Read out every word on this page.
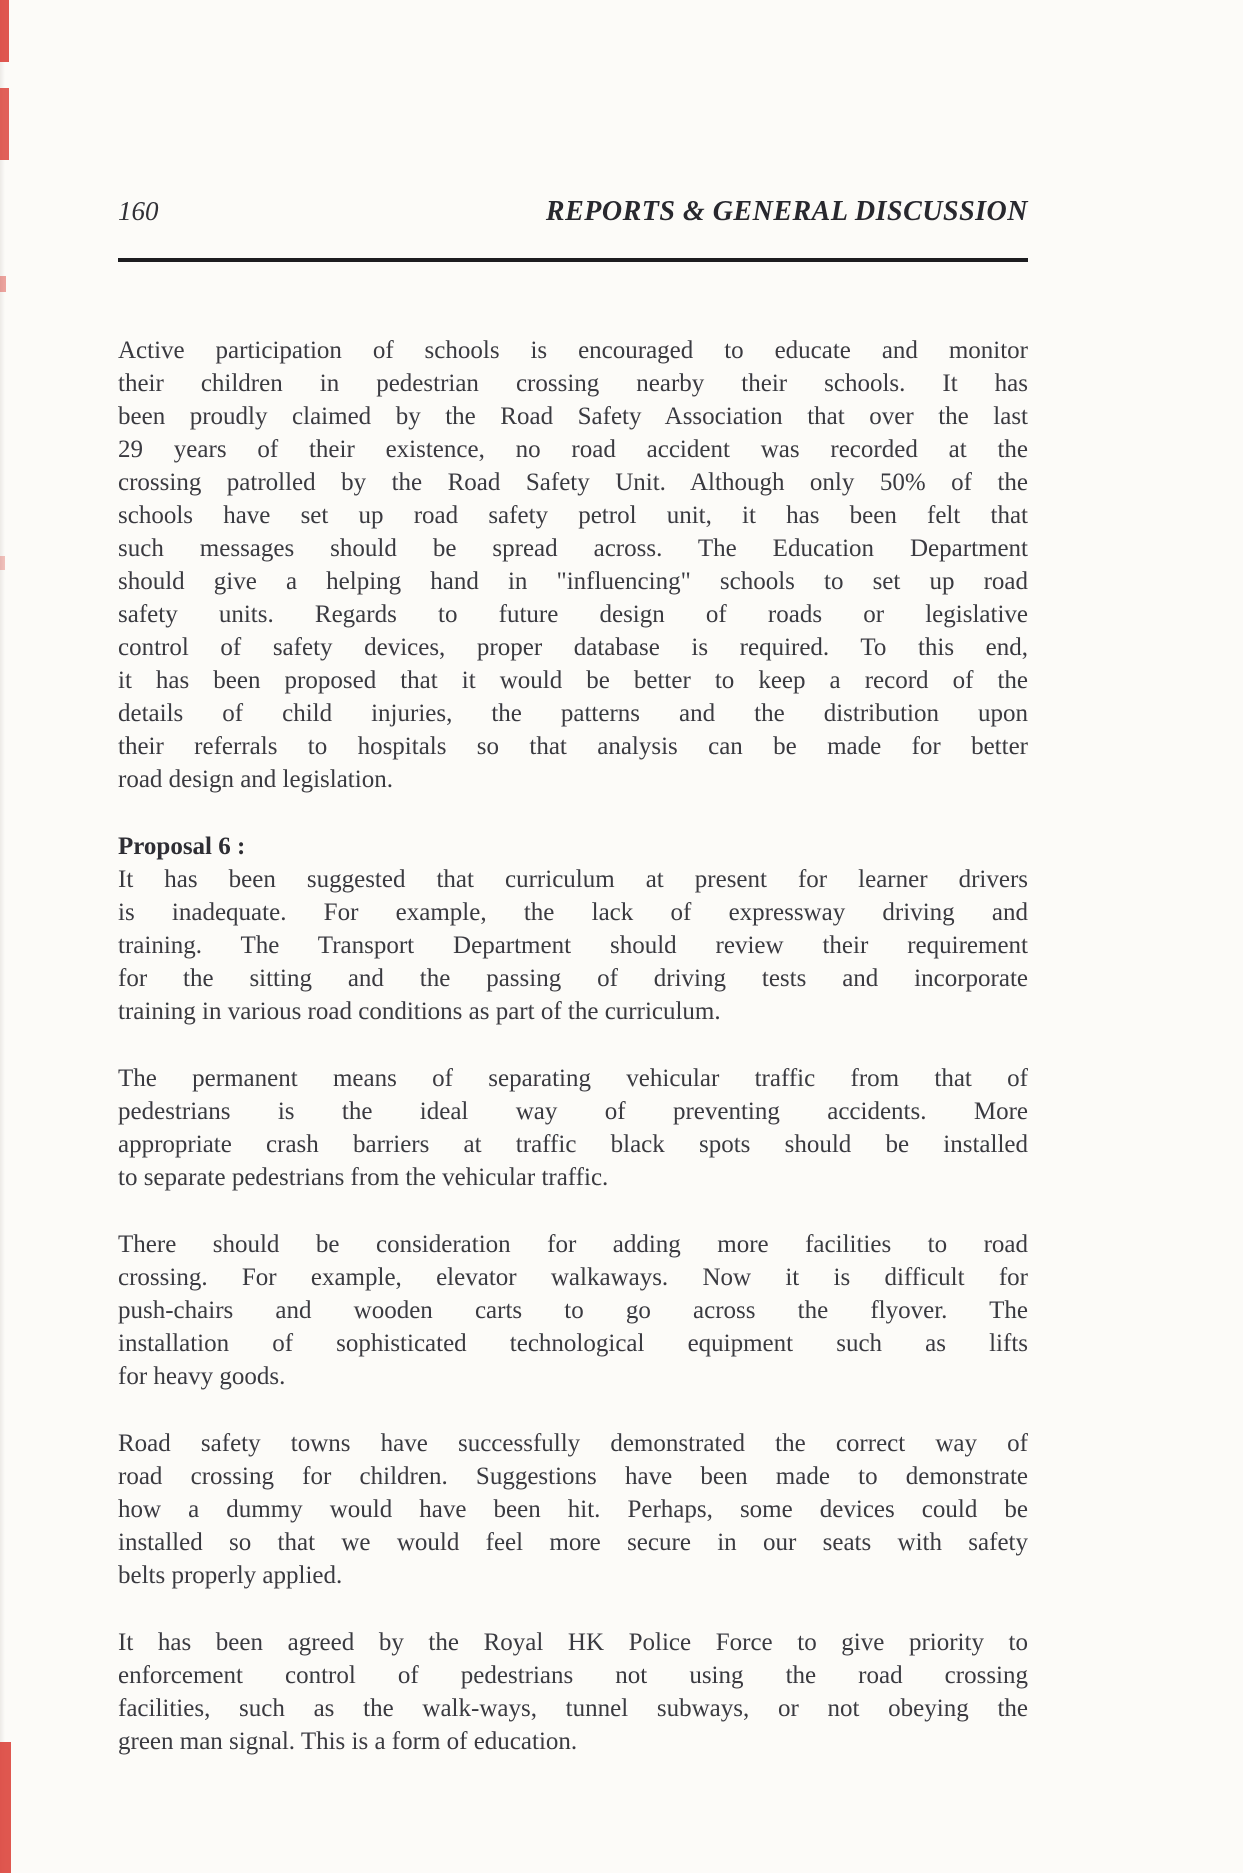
160	REPORTS & GENERAL DISCUSSION
Active participation of schools is encouraged to educate and monitor
their children in pedestrian crossing nearby their schools. It has
been proudly claimed by the Road Safety Association that over the last
29 years of their existence, no road accident was recorded at the
crossing patrolled by the Road Safety Unit. Although only 50% of the
schools have set up road safety petrol unit, it has been felt that
such messages should be spread across. The Education Department
should give a helping hand in "influencing" schools to set up road
safety units. Regards to future design of roads or legislative
control of safety devices, proper database is required. To this end,
it has been proposed that it would be better to keep a record of the
details of child injuries, the patterns and the distribution upon
their referrals to hospitals so that analysis can be made for better
road design and legislation.
Proposal 6 :
It has been suggested that curriculum at present for learner drivers
is inadequate. For example, the lack of expressway driving and
training. The Transport Department should review their requirement
for the sitting and the passing of driving tests and incorporate
training in various road conditions as part of the curriculum.
The permanent means of separating vehicular traffic from that of
pedestrians is the ideal way of preventing accidents. More
appropriate crash barriers at traffic black spots should be installed
to separate pedestrians from the vehicular traffic.
There should be consideration for adding more facilities to road
crossing. For example, elevator walkaways. Now it is difficult for
push-chairs and wooden carts to go across the flyover. The
installation of sophisticated technological equipment such as lifts
for heavy goods.
Road safety towns have successfully demonstrated the correct way of
road crossing for children. Suggestions have been made to demonstrate
how a dummy would have been hit. Perhaps, some devices could be
installed so that we would feel more secure in our seats with safety
belts properly applied.
It has been agreed by the Royal HK Police Force to give priority to
enforcement control of pedestrians not using the road crossing
facilities, such as the walk-ways, tunnel subways, or not obeying the
green man signal. This is a form of education.
